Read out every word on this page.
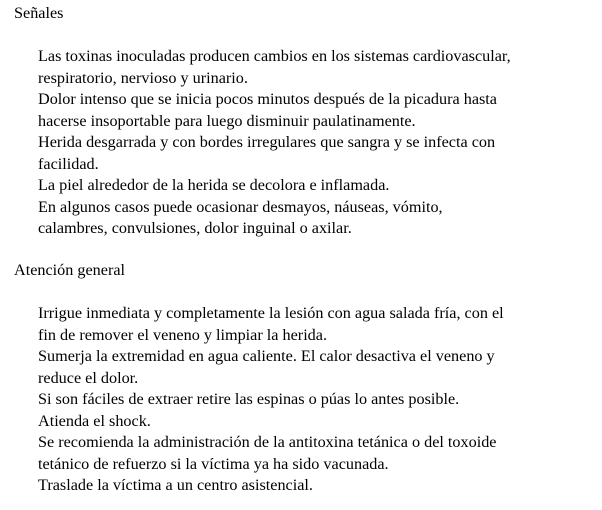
Señales
Las toxinas inoculadas producen cambios en los sistemas cardiovascular,
respiratorio, nervioso y urinario.
Dolor intenso que se inicia pocos minutos después de la picadura hasta
hacerse insoportable para luego disminuir paulatinamente.
Herida desgarrada y con bordes irregulares que sangra y se infecta con
facilidad.
La piel alrededor de la herida se decolora e inflamada.
En algunos casos puede ocasionar desmayos, náuseas, vómito,
calambres, convulsiones, dolor inguinal o axilar.
Atención general
Irrigue inmediata y completamente la lesión con agua salada fría, con el
fin de remover el veneno y limpiar la herida.
Sumerja la extremidad en agua caliente. El calor desactiva el veneno y
reduce el dolor.
Si son fáciles de extraer retire las espinas o púas lo antes posible.
Atienda el shock.
Se recomienda la administración de la antitoxina tetánica o del toxoide
tetánico de refuerzo si la víctima ya ha sido vacunada.
Traslade la víctima a un centro asistencial.
